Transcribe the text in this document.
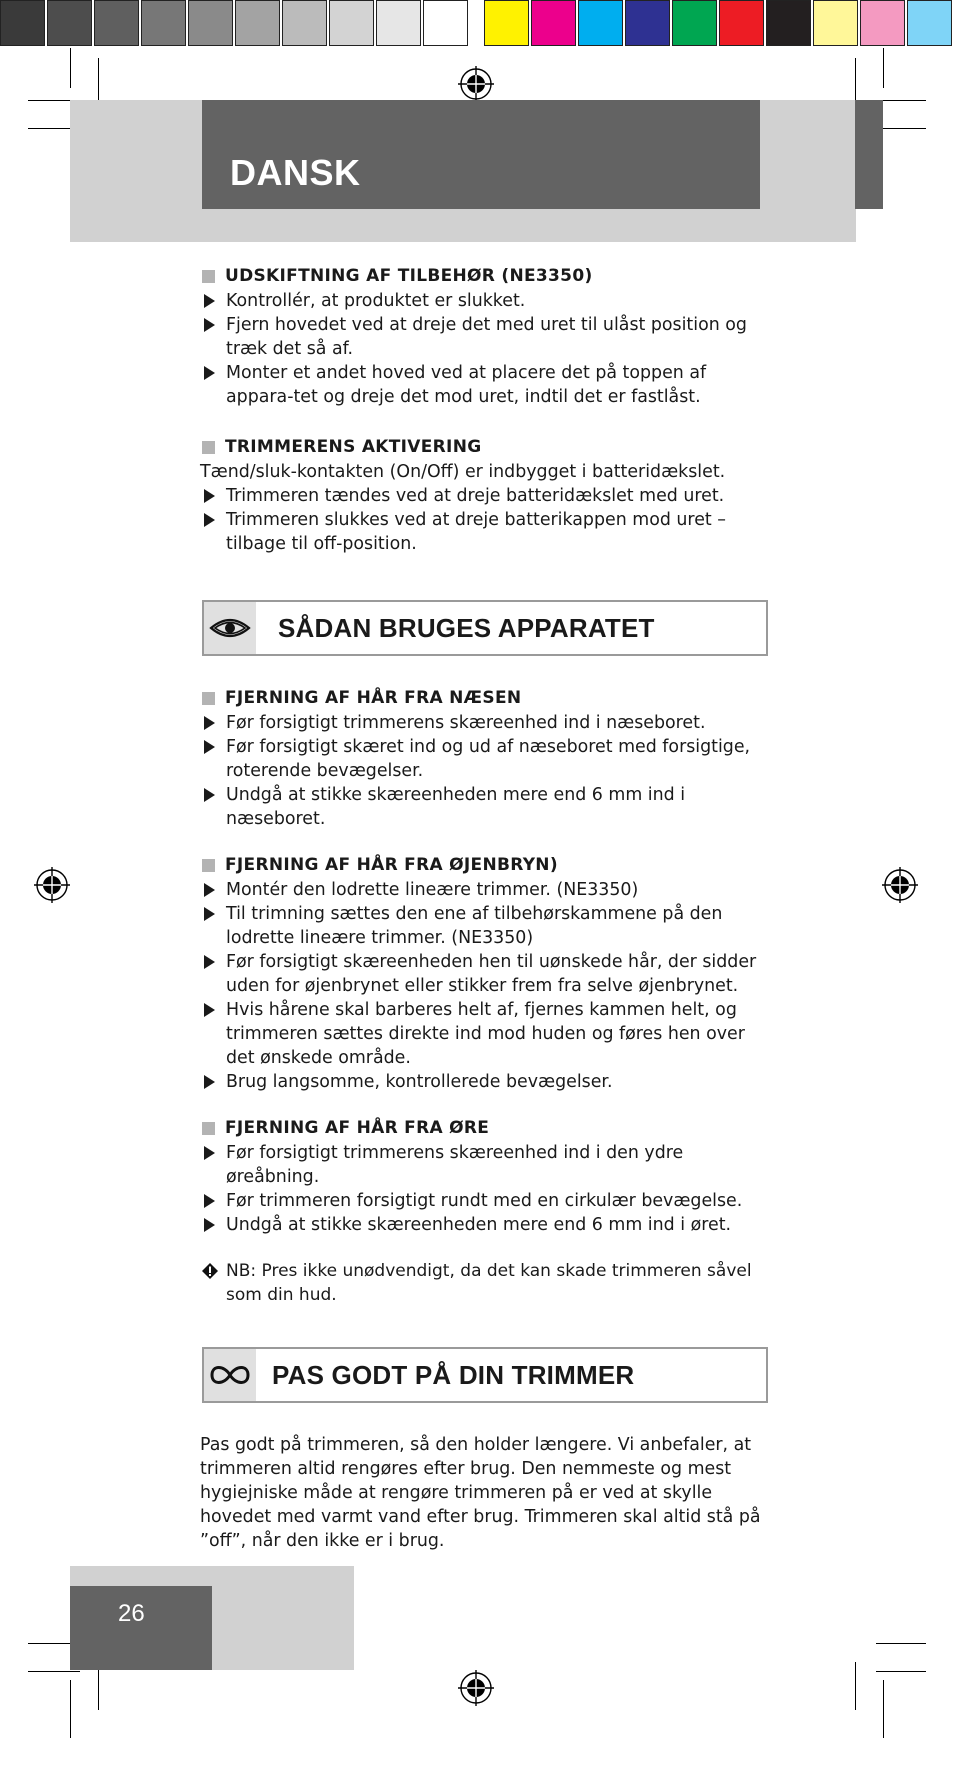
DANSK
UDSKIFTNING AF TILBEHØR (NE3350)
Kontrollér, at produktet er slukket.
Fjern hovedet ved at dreje det med uret til ulåst position og træk det så af.
Monter et andet hoved ved at placere det på toppen af appara-tet og dreje det mod uret, indtil det er fastlåst.
TRIMMERENS AKTIVERING
Tænd/sluk-kontakten (On/Off) er indbygget i batteridækslet.
Trimmeren tændes ved at dreje batteridækslet med uret.
Trimmeren slukkes ved at dreje batterikappen mod uret – tilbage til off-position.
SÅDAN BRUGES APPARATET
FJERNING AF HÅR FRA NÆSEN
Før forsigtigt trimmerens skæreenhed ind i næseboret.
Før forsigtigt skæret ind og ud af næseboret med forsigtige, roterende bevægelser.
Undgå at stikke skæreenheden mere end 6 mm ind i næseboret.
FJERNING AF HÅR FRA ØJENBRYN)
Montér den lodrette lineære trimmer. (NE3350)
Til trimning sættes den ene af tilbehørskammene på den lodrette lineære trimmer. (NE3350)
Før forsigtigt skæreenheden hen til uønskede hår, der sidder uden for øjenbrynet eller stikker frem fra selve øjenbrynet.
Hvis hårene skal barberes helt af, fjernes kammen helt, og trimmeren sættes direkte ind mod huden og føres hen over det ønskede område.
Brug langsomme, kontrollerede bevægelser.
FJERNING AF HÅR FRA ØRE
Før forsigtigt trimmerens skæreenhed ind i den ydre øreåbning.
Før trimmeren forsigtigt rundt med en cirkulær bevægelse.
Undgå at stikke skæreenheden mere end 6 mm ind i øret.
NB: Pres ikke unødvendigt, da det kan skade trimmeren såvel som din hud.
PAS GODT PÅ DIN TRIMMER
Pas godt på trimmeren, så den holder længere. Vi anbefaler, at trimmeren altid rengøres efter brug. Den nemmeste og mest hygiejniske måde at rengøre trimmeren på er ved at skylle hovedet med varmt vand efter brug. Trimmeren skal altid stå på ”off”, når den ikke er i brug.
26
